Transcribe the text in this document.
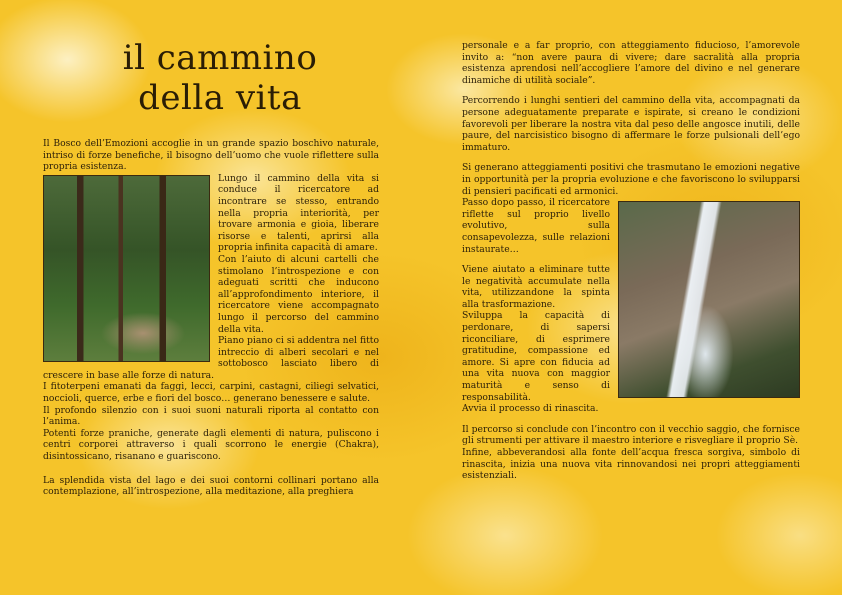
il cammino
della vita

Il Bosco dell’Emozioni accoglie in un grande spazio boschivo naturale, intriso di forze benefiche, il bisogno dell’uomo che vuole riflettere sulla propria esistenza.

Lungo il cammino della vita si conduce il ricercatore ad incontrare se stesso, entrando nella propria interiorità, per trovare armonia e gioia, liberare risorse e talenti, aprirsi alla propria infinita capacità di amare.

Con l’aiuto di alcuni cartelli che stimolano l’introspezione e con adeguati scritti che inducono all’approfondimento interiore, il ricercatore viene accompagnato lungo il percorso del cammino della vita.

Piano piano ci si addentra nel fitto intreccio di alberi secolari e nel sottobosco lasciato libero di crescere in base alle forze di natura.

I fitoterpeni emanati da faggi, lecci, carpini, castagni, ciliegi selvatici, noccioli, querce, erbe e fiori del bosco… generano benessere e salute.

Il profondo silenzio con i suoi suoni naturali riporta al contatto con l’anima.

Potenti forze praniche, generate dagli elementi di natura, puliscono i centri corporei attraverso i quali scorrono le energie (Chakra), disintossicano, risanano e guariscono.

La splendida vista del lago e dei suoi contorni collinari portano alla contemplazione, all’introspezione, alla meditazione, alla preghiera

personale e a far proprio, con atteggiamento fiducioso, l’amorevole invito a: “non avere paura di vivere; dare sacralità alla propria esistenza aprendosi nell’accogliere l’amore del divino e nel generare dinamiche di utilità sociale”.

Percorrendo i lunghi sentieri del cammino della vita, accompagnati da persone adeguatamente preparate e ispirate, si creano le condizioni favorevoli per liberare la nostra vita dal peso delle angosce inutili, delle paure, del narcisistico bisogno di affermare le forze pulsionali dell’ego immaturo.

Si generano atteggiamenti positivi che trasmutano le emozioni negative in opportunità per la propria evoluzione e che favoriscono lo svilupparsi di pensieri pacificati ed armonici.

Passo dopo passo, il ricercatore riflette sul proprio livello evolutivo, sulla consapevolezza, sulle relazioni instaurate…

Viene aiutato a eliminare tutte le negatività accumulate nella vita, utilizzandone la spinta alla trasformazione.

Sviluppa la capacità di perdonare, di sapersi riconciliare, di esprimere gratitudine, compassione ed amore. Si apre con fiducia ad una vita nuova con maggior maturità e senso di responsabilità.

Avvia il processo di rinascita.

Il percorso si conclude con l’incontro con il vecchio saggio, che fornisce gli strumenti per attivare il maestro interiore e risvegliare il proprio Sè.

Infine, abbeverandosi alla fonte dell’acqua fresca sorgiva, simbolo di rinascita, inizia una nuova vita rinnovandosi nei propri atteggiamenti esistenziali.
